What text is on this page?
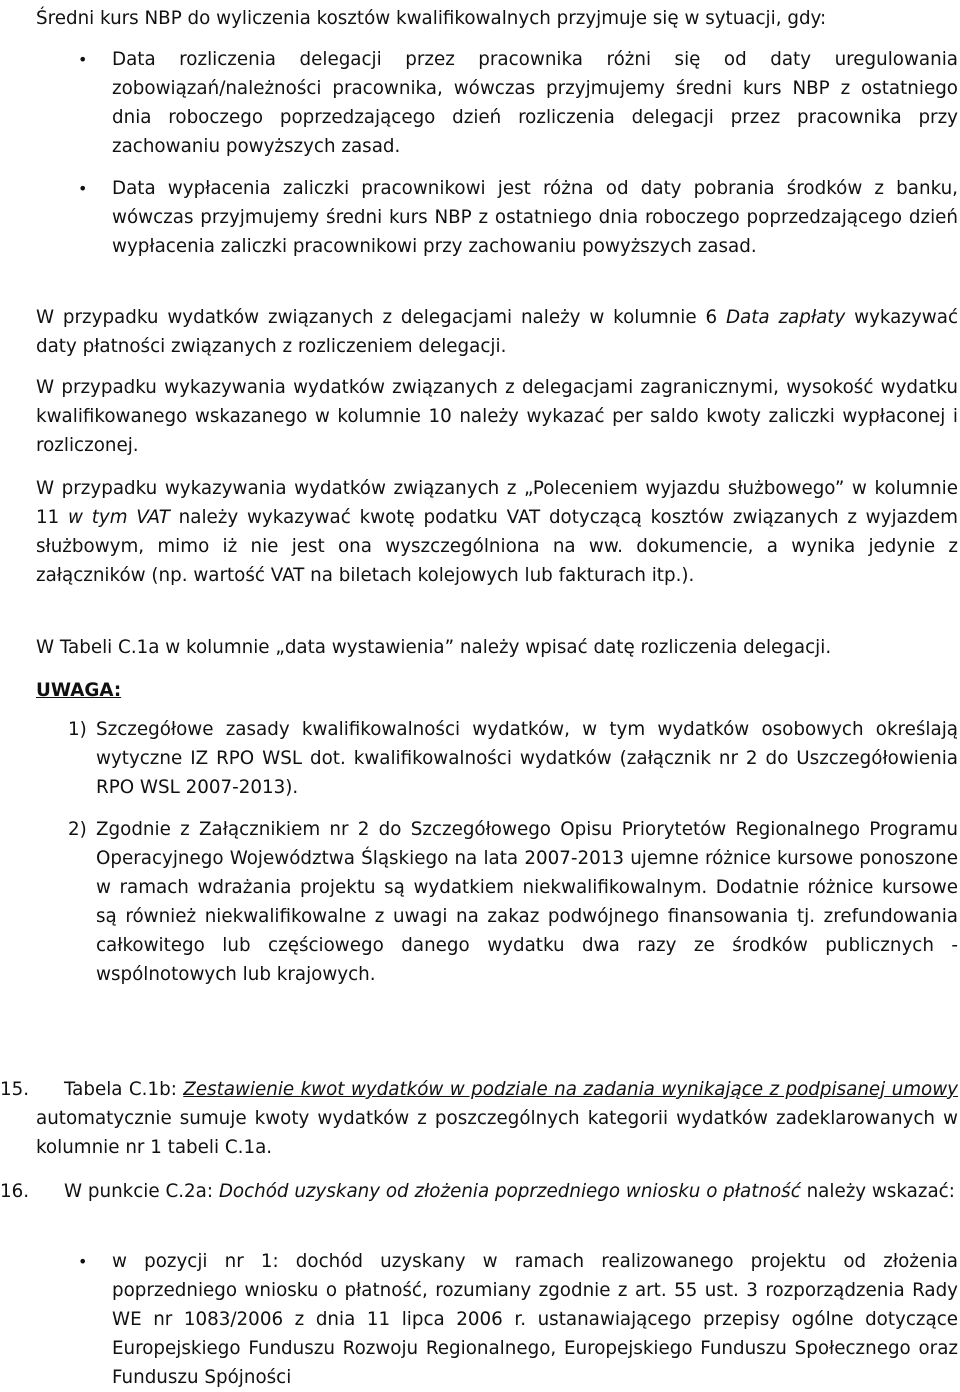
Średni kurs NBP do wyliczenia kosztów kwalifikowalnych przyjmuje się w sytuacji, gdy:
• Data rozliczenia delegacji przez pracownika różni się od daty uregulowania zobowiązań/należności pracownika, wówczas przyjmujemy średni kurs NBP z ostatniego dnia roboczego poprzedzającego dzień rozliczenia delegacji przez pracownika przy zachowaniu powyższych zasad.
• Data wypłacenia zaliczki pracownikowi jest różna od daty pobrania środków z banku, wówczas przyjmujemy średni kurs NBP z ostatniego dnia roboczego poprzedzającego dzień wypłacenia zaliczki pracownikowi przy zachowaniu powyższych zasad.
W przypadku wydatków związanych z delegacjami należy w kolumnie 6 Data zapłaty wykazywać daty płatności związanych z rozliczeniem delegacji.
W przypadku wykazywania wydatków związanych z delegacjami zagranicznymi, wysokość wydatku kwalifikowanego wskazanego w kolumnie 10 należy wykazać per saldo kwoty zaliczki wypłaconej i rozliczonej.
W przypadku wykazywania wydatków związanych z „Poleceniem wyjazdu służbowego” w kolumnie 11 w tym VAT należy wykazywać kwotę podatku VAT dotyczącą kosztów związanych z wyjazdem służbowym, mimo iż nie jest ona wyszczególniona na ww. dokumencie, a wynika jedynie z załączników (np. wartość VAT na biletach kolejowych lub fakturach itp.).
W Tabeli C.1a w kolumnie „data wystawienia” należy wpisać datę rozliczenia delegacji.
UWAGA:
1) Szczegółowe zasady kwalifikowalności wydatków, w tym wydatków osobowych określają wytyczne IZ RPO WSL dot. kwalifikowalności wydatków (załącznik nr 2 do Uszczegółowienia RPO WSL 2007-2013).
2) Zgodnie z Załącznikiem nr 2 do Szczegółowego Opisu Priorytetów Regionalnego Programu Operacyjnego Województwa Śląskiego na lata 2007-2013 ujemne różnice kursowe ponoszone w ramach wdrażania projektu są wydatkiem niekwalifikowalnym. Dodatnie różnice kursowe są również niekwalifikowalne z uwagi na zakaz podwójnego finansowania tj. zrefundowania całkowitego lub częściowego danego wydatku dwa razy ze środków publicznych - wspólnotowych lub krajowych.
15. Tabela C.1b: Zestawienie kwot wydatków w podziale na zadania wynikające z podpisanej umowy automatycznie sumuje kwoty wydatków z poszczególnych kategorii wydatków zadeklarowanych w kolumnie nr 1 tabeli C.1a.
16. W punkcie C.2a: Dochód uzyskany od złożenia poprzedniego wniosku o płatność należy wskazać:
• w pozycji nr 1: dochód uzyskany w ramach realizowanego projektu od złożenia poprzedniego wniosku o płatność, rozumiany zgodnie z art. 55 ust. 3 rozporządzenia Rady WE nr 1083/2006 z dnia 11 lipca 2006 r. ustanawiającego przepisy ogólne dotyczące Europejskiego Funduszu Rozwoju Regionalnego, Europejskiego Funduszu Społecznego oraz Funduszu Spójności
